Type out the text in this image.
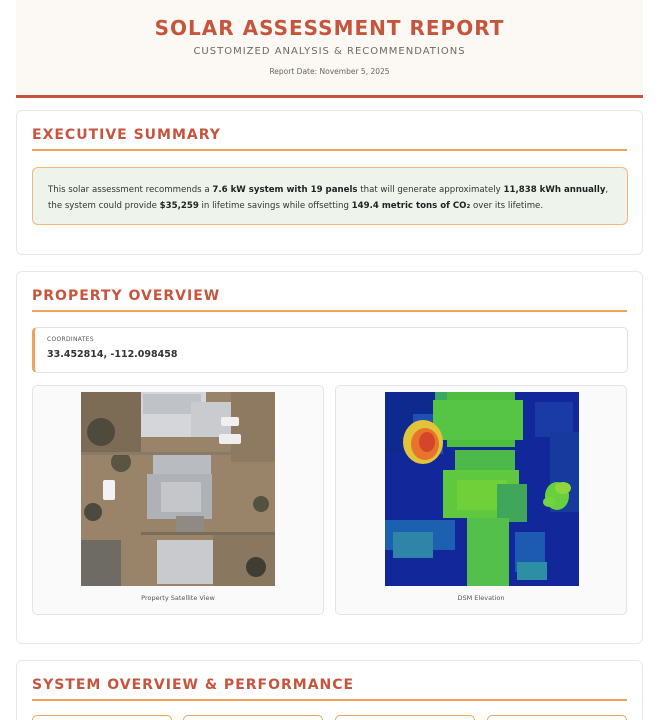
SOLAR ASSESSMENT REPORT
CUSTOMIZED ANALYSIS & RECOMMENDATIONS
Report Date: November 5, 2025
EXECUTIVE SUMMARY
This solar assessment recommends a 7.6 kW system with 19 panels that will generate approximately 11,838 kWh annually, the system could provide $35,259 in lifetime savings while offsetting 149.4 metric tons of CO₂ over its lifetime.
PROPERTY OVERVIEW
COORDINATES
33.452814, -112.098458
Property Satellite View	DSM Elevation
SYSTEM OVERVIEW & PERFORMANCE
